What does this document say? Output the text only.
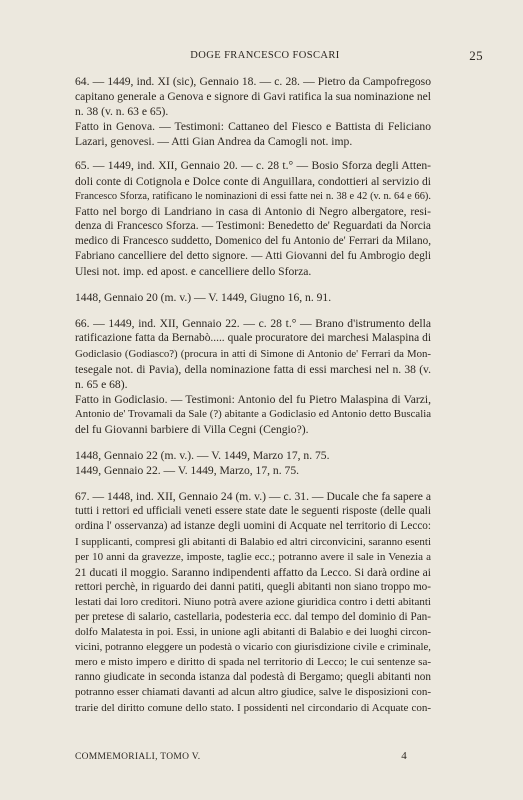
DOGE FRANCESCO FOSCARI	25
64. — 1449, ind. XI (sic), Gennaio 18. — c. 28. — Pietro da Campofregoso
capitano generale a Genova e signore di Gavi ratifica la sua nominazione nel
n. 38 (v. n. 63 e 65).
Fatto in Genova. — Testimoni: Cattaneo del Fiesco e Battista di Feliciano
Lazari, genovesi. — Atti Gian Andrea da Camogli not. imp.
65. — 1449, ind. XII, Gennaio 20. — c. 28 t.° — Bosio Sforza degli Atten-
doli conte di Cotignola e Dolce conte di Anguillara, condottieri al servizio di
Francesco Sforza, ratificano le nominazioni di essi fatte nei n. 38 e 42 (v. n. 64 e 66).
Fatto nel borgo di Landriano in casa di Antonio di Negro albergatore, resi-
denza di Francesco Sforza. — Testimoni: Benedetto de' Reguardati da Norcia
medico di Francesco suddetto, Domenico del fu Antonio de' Ferrari da Milano,
Fabriano cancelliere del detto signore. — Atti Giovanni del fu Ambrogio degli
Ulesi not. imp. ed apost. e cancelliere dello Sforza.
1448, Gennaio 20 (m. v.) — V. 1449, Giugno 16, n. 91.
66. — 1449, ind. XII, Gennaio 22. — c. 28 t.° — Brano d'istrumento della
ratificazione fatta da Bernabò..... quale procuratore dei marchesi Malaspina di
Godiclasio (Godiasco?) (procura in atti di Simone di Antonio de' Ferrari da Mon-
tesegale not. di Pavia), della nominazione fatta di essi marchesi nel n. 38 (v.
n. 65 e 68).
Fatto in Godiclasio. — Testimoni: Antonio del fu Pietro Malaspina di Varzi,
Antonio de' Trovamali da Sale (?) abitante a Godiclasio ed Antonio detto Buscalia
del fu Giovanni barbiere di Villa Cegni (Cengio?).
1448, Gennaio 22 (m. v.). — V. 1449, Marzo 17, n. 75.
1449, Gennaio 22. — V. 1449, Marzo, 17, n. 75.
67. — 1448, ind. XII, Gennaio 24 (m. v.) — c. 31. — Ducale che fa sapere a
tutti i rettori ed ufficiali veneti essere state date le seguenti risposte (delle quali
ordina l' osservanza) ad istanze degli uomini di Acquate nel territorio di Lecco:
I supplicanti, compresi gli abitanti di Balabio ed altri circonvicini, saranno esenti
per 10 anni da gravezze, imposte, taglie ecc.; potranno avere il sale in Venezia a
21 ducati il moggio. Saranno indipendenti affatto da Lecco. Si darà ordine ai
rettori perchè, in riguardo dei danni patiti, quegli abitanti non siano troppo mo-
lestati dai loro creditori. Niuno potrà avere azione giuridica contro i detti abitanti
per pretese di salario, castellaria, podesteria ecc. dal tempo del dominio di Pan-
dolfo Malatesta in poi. Essi, in unione agli abitanti di Balabio e dei luoghi circon-
vicini, potranno eleggere un podestà o vicario con giurisdizione civile e criminale,
mero e misto impero e diritto di spada nel territorio di Lecco; le cui sentenze sa-
ranno giudicate in seconda istanza dal podestà di Bergamo; quegli abitanti non
potranno esser chiamati davanti ad alcun altro giudice, salve le disposizioni con-
trarie del diritto comune dello stato. I possidenti nel circondario di Acquate con-
COMMEMORIALI, TOMO V.	4
